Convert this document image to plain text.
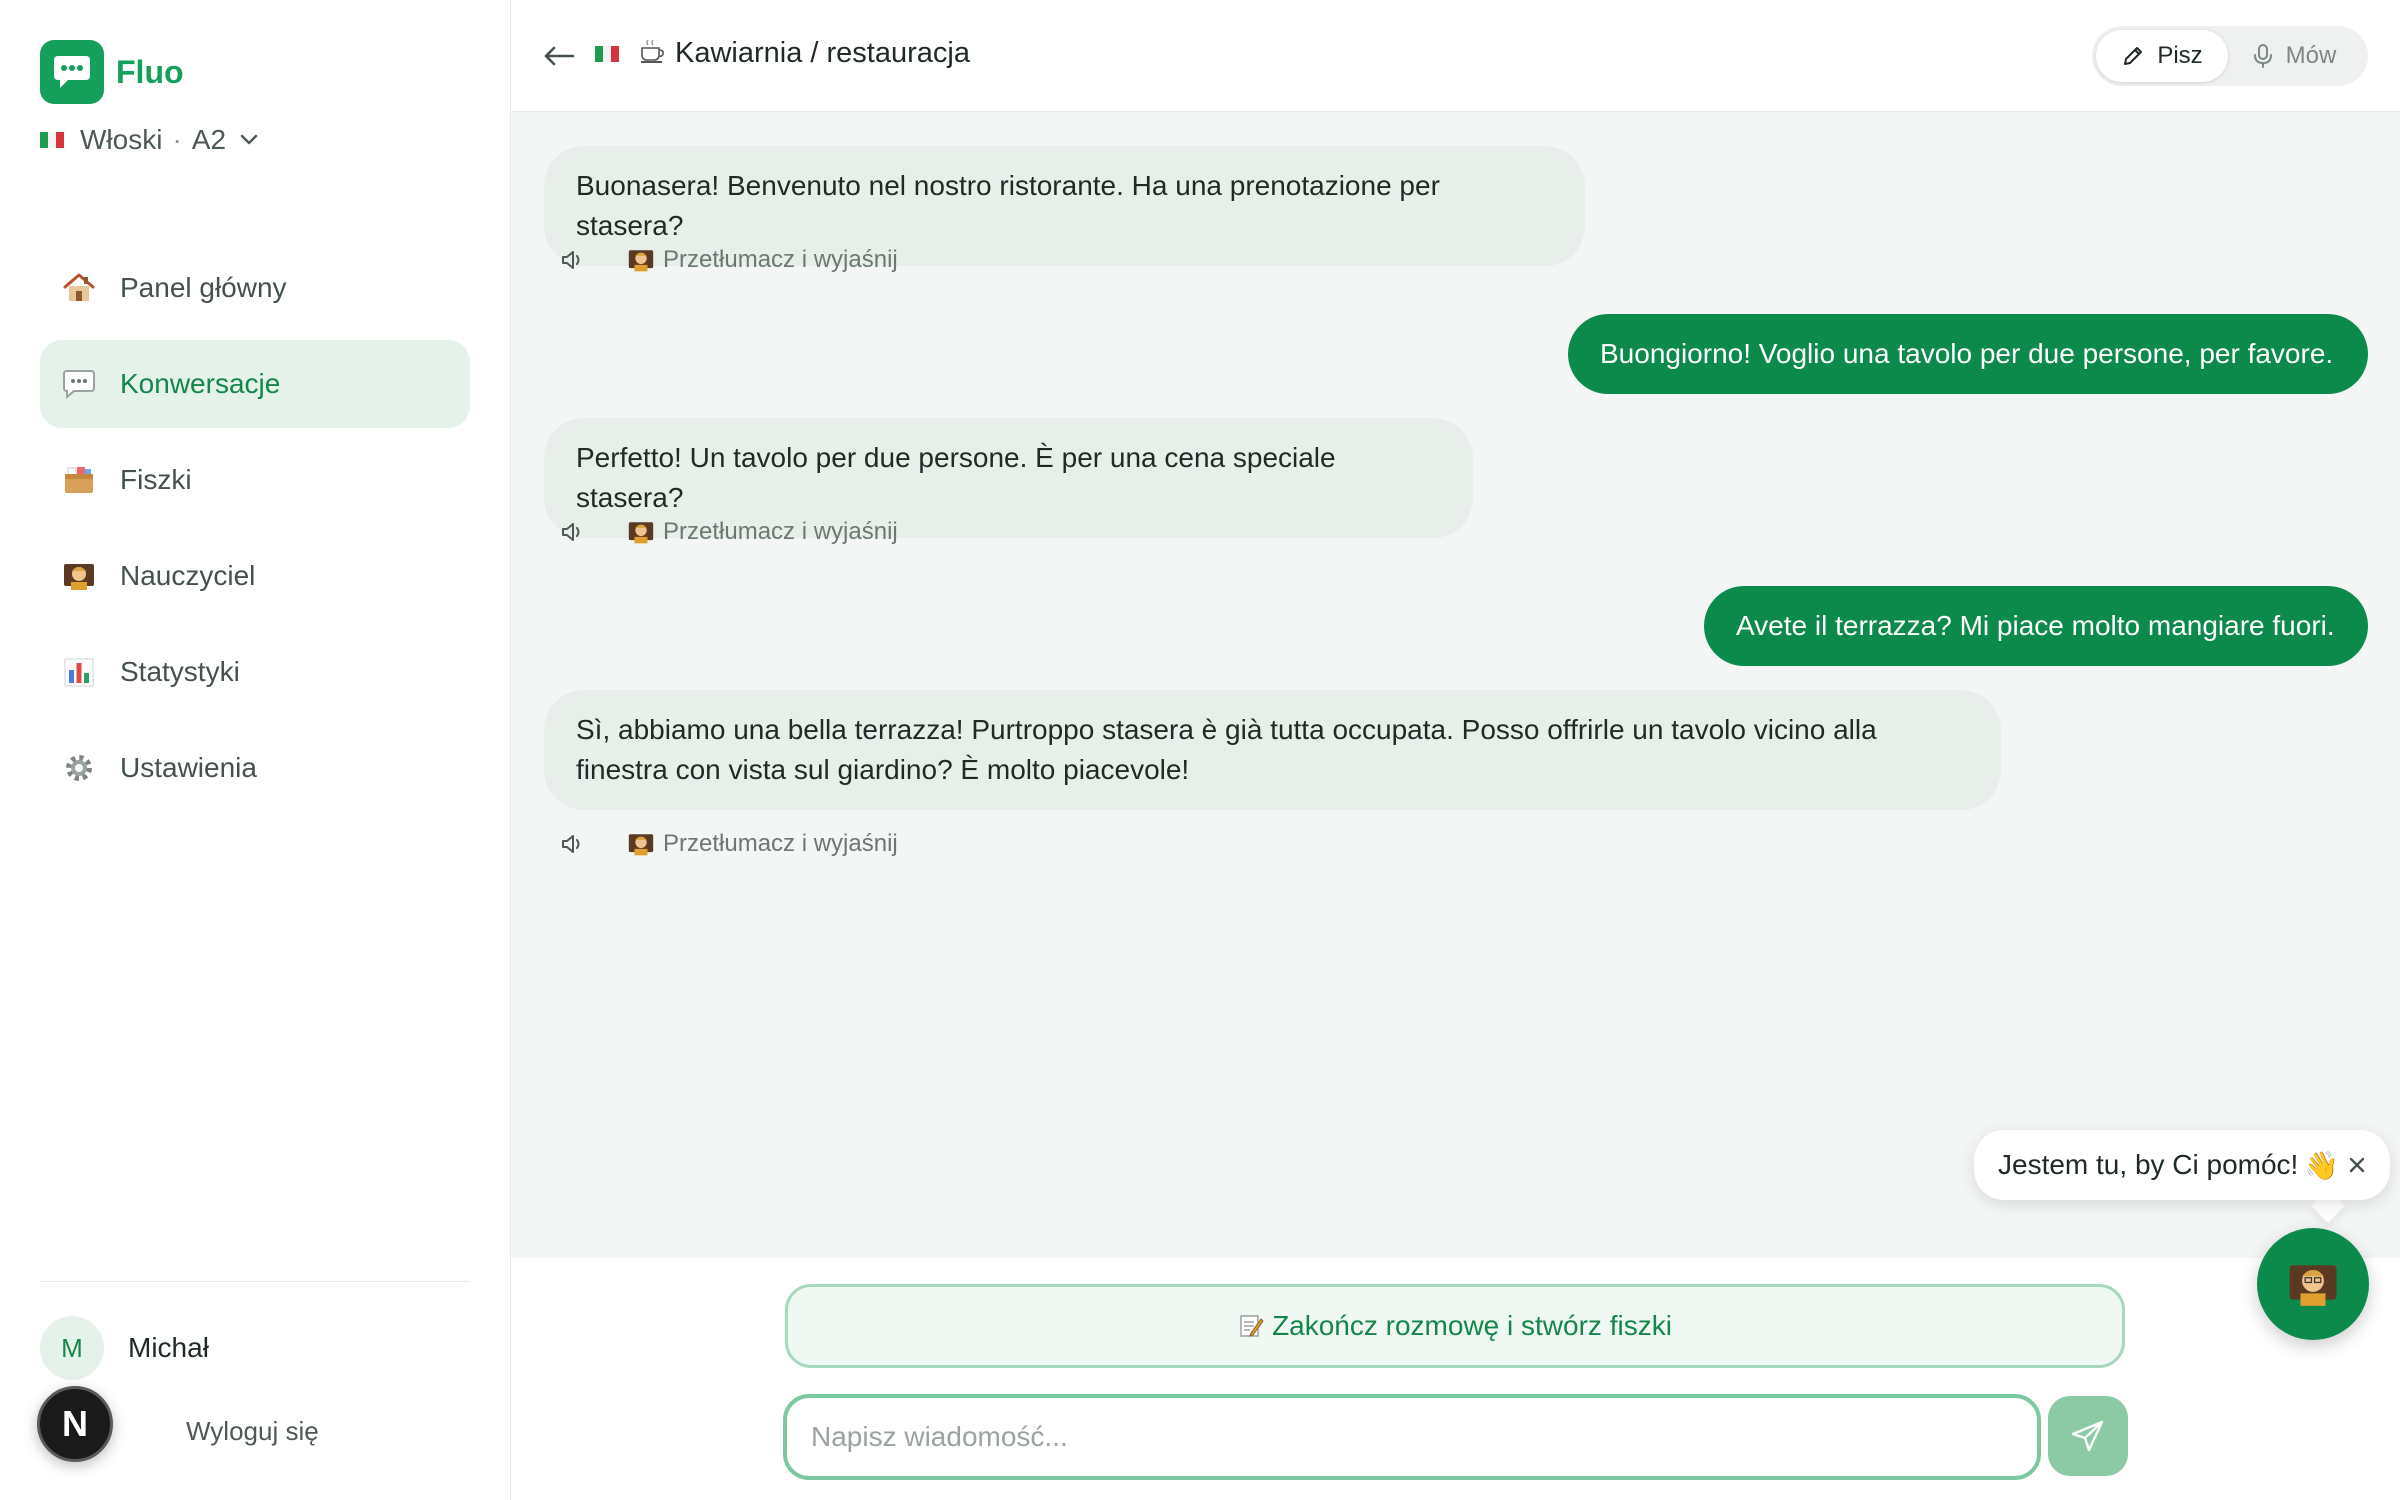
Fluo
Włoski · A2
Panel główny
Konwersacje
Fiszki
Nauczyciel
Statystyki
Ustawienia
M	Michał
Wyloguj się
N
Kawiarnia / restauracja	Pisz	Mów
Buonasera! Benvenuto nel nostro ristorante. Ha una prenotazione per stasera?
Przetłumacz i wyjaśnij
Buongiorno! Voglio una tavolo per due persone, per favore.
Perfetto! Un tavolo per due persone. È per una cena speciale stasera?
Przetłumacz i wyjaśnij
Avete il terrazza? Mi piace molto mangiare fuori.
Sì, abbiamo una bella terrazza! Purtroppo stasera è già tutta occupata. Posso offrirle un tavolo vicino alla finestra con vista sul giardino? È molto piacevole!
Przetłumacz i wyjaśnij
Zakończ rozmowę i stwórz fiszki
Napisz wiadomość...
Jestem tu, by Ci pomóc! 👋
